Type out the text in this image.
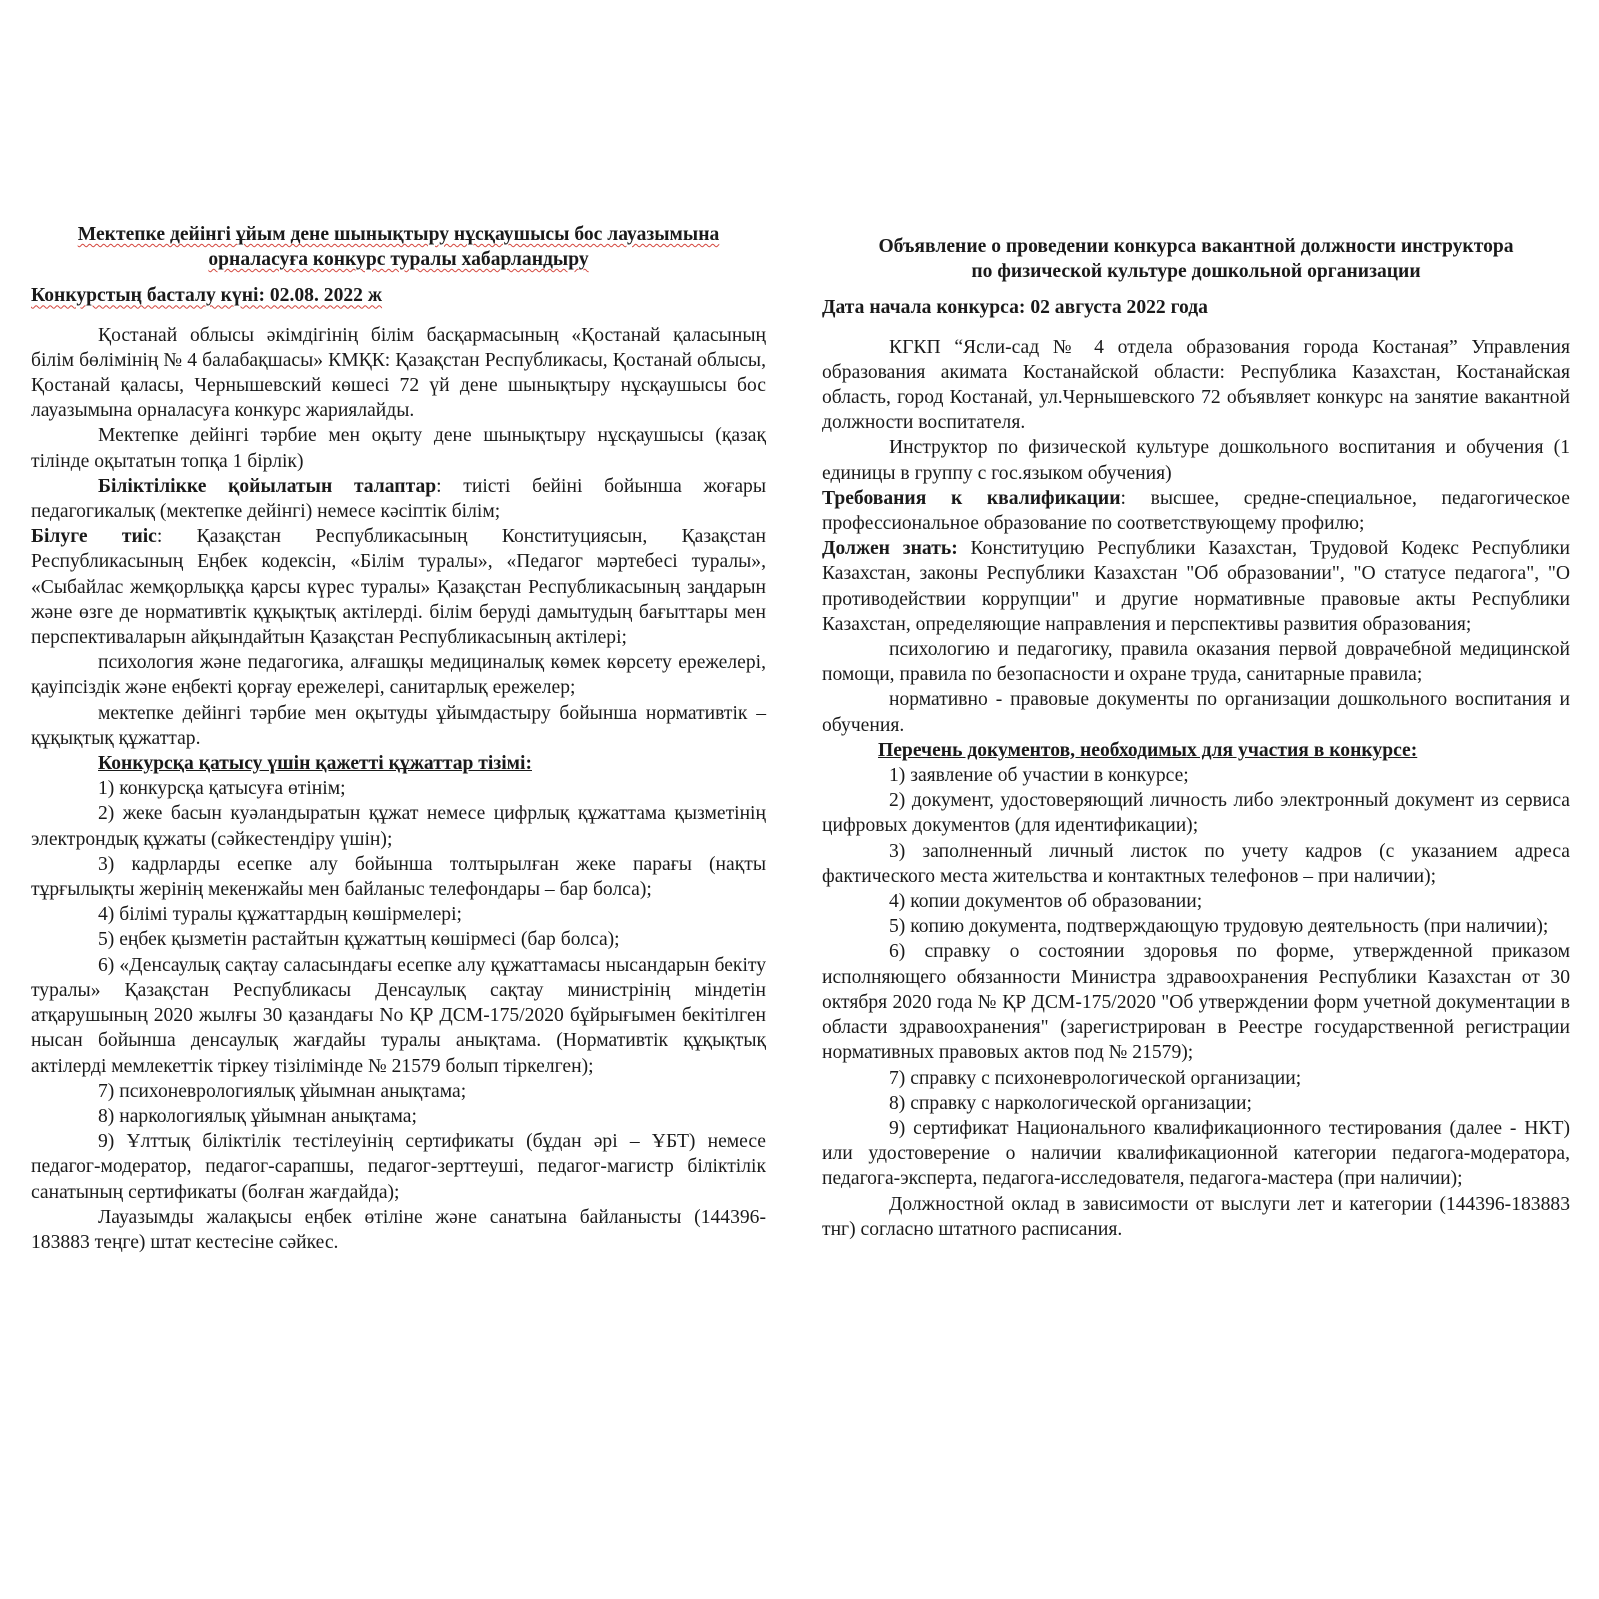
Мектепке дейінгі ұйым дене шынықтыру нұсқаушысы бос лауазымына
орналасуға конкурс туралы хабарландыру
Конкурстың басталу күні: 02.08. 2022 ж

Қостанай облысы әкімдігінің білім басқармасының «Қостанай қаласының білім бөлімінің № 4 балабақшасы» КМҚК: Қазақстан Республикасы, Қостанай облысы, Қостанай қаласы, Чернышевский көшесі 72 үй дене шынықтыру нұсқаушысы бос лауазымына орналасуға конкурс жариялайды.

Мектепке дейінгі тәрбие мен оқыту дене шынықтыру нұсқаушысы (қазақ тілінде оқытатын топқа 1 бірлік)

Біліктілікке қойылатын талаптар: тиісті бейіні бойынша жоғары педагогикалық (мектепке дейінгі) немесе кәсіптік білім;

Білуге тиіс: Қазақстан Республикасының Конституциясын, Қазақстан Республикасының Еңбек кодексін, «Білім туралы», «Педагог мәртебесі туралы», «Сыбайлас жемқорлыққа қарсы күрес туралы» Қазақстан Республикасының заңдарын және өзге де нормативтік құқықтық актілерді. білім беруді дамытудың бағыттары мен перспективаларын айқындайтын Қазақстан Республикасының актілері;

психология және педагогика, алғашқы медициналық көмек көрсету ережелері, қауіпсіздік және еңбекті қорғау ережелері, санитарлық ережелер;

мектепке дейінгі тәрбие мен оқытуды ұйымдастыру бойынша нормативтік – құқықтық құжаттар.

Конкурсқа қатысу үшін қажетті құжаттар тізімі:

1) конкурсқа қатысуға өтінім;

2) жеке басын куәландыратын құжат немесе цифрлық құжаттама қызметінің электрондық құжаты (сәйкестендіру үшін);

3) кадрларды есепке алу бойынша толтырылған жеке парағы (нақты тұрғылықты жерінің мекенжайы мен байланыс телефондары – бар болса);

4) білімі туралы құжаттардың көшірмелері;

5) еңбек қызметін растайтын құжаттың көшірмесі (бар болса);

6) «Денсаулық сақтау саласындағы есепке алу құжаттамасы нысандарын бекіту туралы» Қазақстан Республикасы Денсаулық сақтау министрінің міндетін атқарушының 2020 жылғы 30 қазандағы No ҚР ДСМ-175/2020 бұйрығымен бекітілген нысан бойынша денсаулық жағдайы туралы анықтама. (Нормативтік құқықтық актілерді мемлекеттік тіркеу тізілімінде № 21579 болып тіркелген);

7) психоневрологиялық ұйымнан анықтама;

8) наркологиялық ұйымнан анықтама;

9) Ұлттық біліктілік тестілеуінің сертификаты (бұдан әрі – ҰБТ) немесе педагог-модератор, педагог-сарапшы, педагог-зерттеуші, педагог-магистр біліктілік санатының сертификаты (болған жағдайда);

Лауазымды жалақысы еңбек өтіліне және санатына байланысты (144396-183883 теңге) штат кестесіне сәйкес.

Объявление о проведении конкурса вакантной должности инструктора
по физической культуре дошкольной организации
Дата начала конкурса: 02 августа 2022 года

КГКП “Ясли-сад № 4 отдела образования города Костаная” Управления образования акимата Костанайской области: Республика Казахстан, Костанайская область, город Костанай, ул.Чернышевского 72 объявляет конкурс на занятие вакантной должности воспитателя.

Инструктор по физической культуре дошкольного воспитания и обучения (1 единицы в группу с гос.языком обучения)

Требования к квалификации: высшее, средне-специальное, педагогическое профессиональное образование по соответствующему профилю;

Должен знать: Конституцию Республики Казахстан, Трудовой Кодекс Республики Казахстан, законы Республики Казахстан "Об образовании", "О статусе педагога", "О противодействии коррупции" и другие нормативные правовые акты Республики Казахстан, определяющие направления и перспективы развития образования;

психологию и педагогику, правила оказания первой доврачебной медицинской помощи, правила по безопасности и охране труда, санитарные правила;

нормативно - правовые документы по организации дошкольного воспитания и обучения.

Перечень документов, необходимых для участия в конкурсе:

1) заявление об участии в конкурсе;

2) документ, удостоверяющий личность либо электронный документ из сервиса цифровых документов (для идентификации);

3) заполненный личный листок по учету кадров (с указанием адреса фактического места жительства и контактных телефонов – при наличии);

4) копии документов об образовании;

5) копию документа, подтверждающую трудовую деятельность (при наличии);

6) справку о состоянии здоровья по форме, утвержденной приказом исполняющего обязанности Министра здравоохранения Республики Казахстан от 30 октября 2020 года № ҚР ДСМ-175/2020 "Об утверждении форм учетной документации в области здравоохранения" (зарегистрирован в Реестре государственной регистрации нормативных правовых актов под № 21579);

7) справку с психоневрологической организации;

8) справку с наркологической организации;

9) сертификат Национального квалификационного тестирования (далее - НКТ) или удостоверение о наличии квалификационной категории педагога-модератора, педагога-эксперта, педагога-исследователя, педагога-мастера (при наличии);

Должностной оклад в зависимости от выслуги лет и категории (144396-183883 тнг) согласно штатного расписания.
